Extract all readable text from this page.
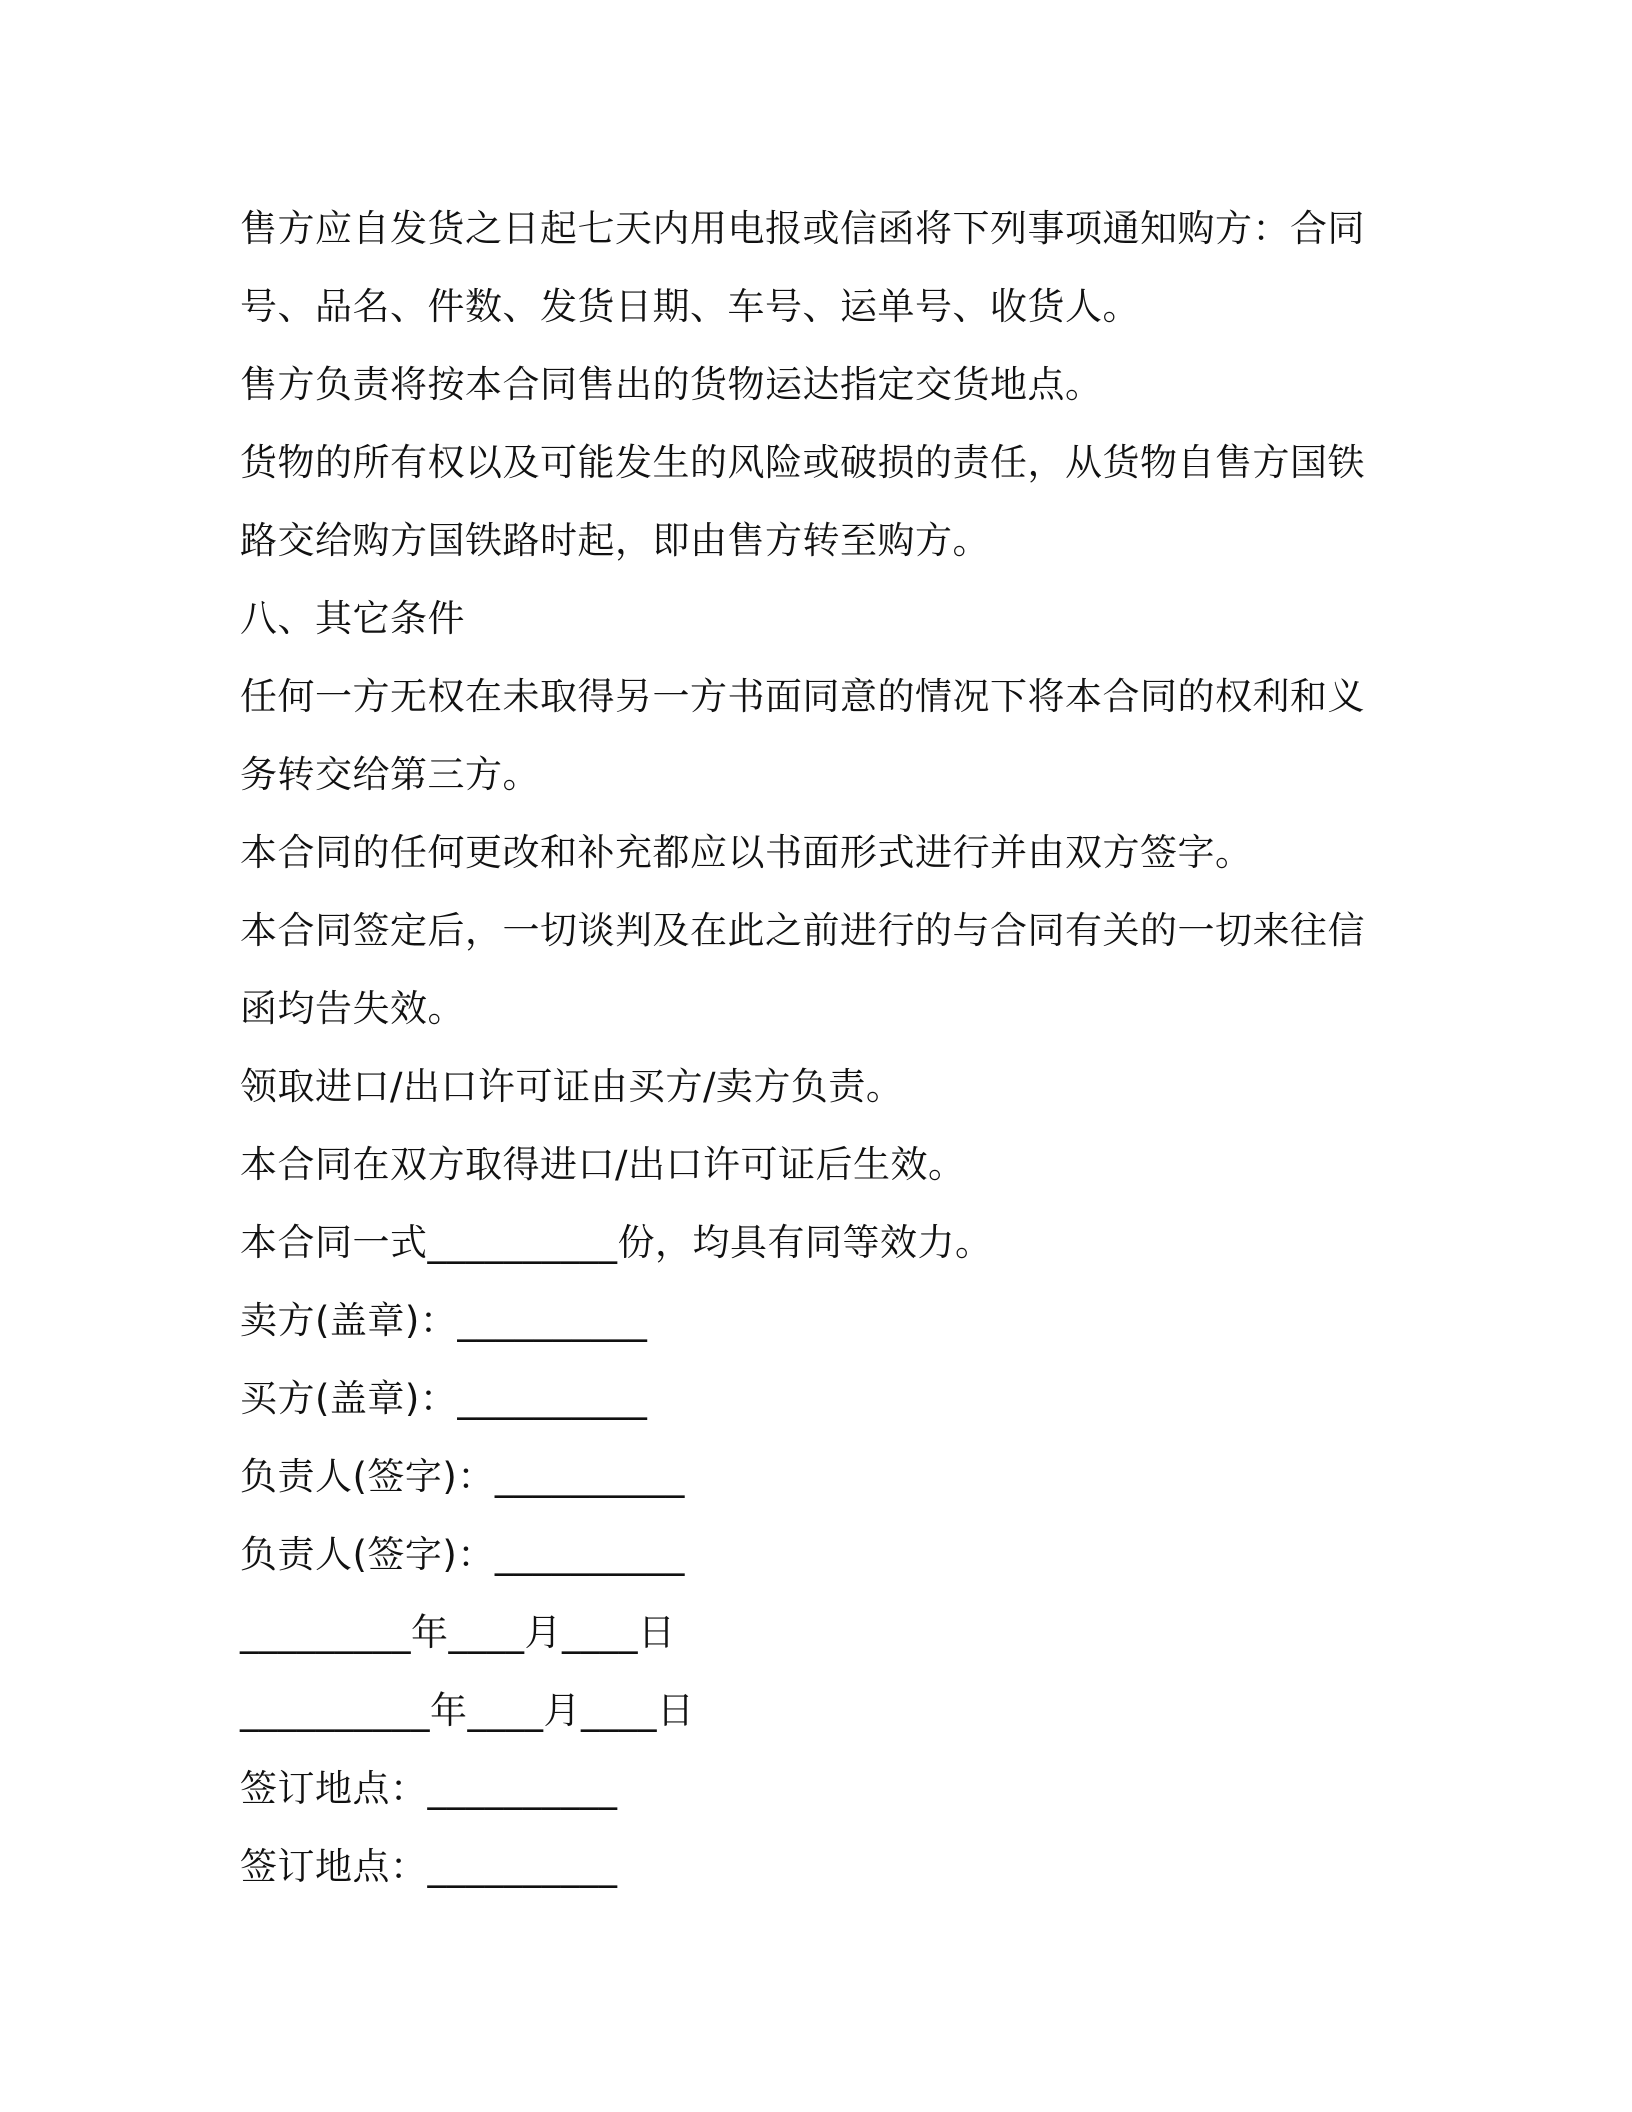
售方应自发货之日起七天内用电报或信函将下列事项通知购方：合同
号、品名、件数、发货日期、车号、运单号、收货人。
售方负责将按本合同售出的货物运达指定交货地点。
货物的所有权以及可能发生的风险或破损的责任，从货物自售方国铁
路交给购方国铁路时起，即由售方转至购方。
八、其它条件
任何一方无权在未取得另一方书面同意的情况下将本合同的权利和义
务转交给第三方。
本合同的任何更改和补充都应以书面形式进行并由双方签字。
本合同签定后，一切谈判及在此之前进行的与合同有关的一切来往信
函均告失效。
领取进口/出口许可证由买方/卖方负责。
本合同在双方取得进口/出口许可证后生效。
本合同一式__________份，均具有同等效力。
卖方(盖章)：__________
买方(盖章)：__________
负责人(签字)：__________
负责人(签字)：__________
_________年____月____日
__________年____月____日
签订地点：__________
签订地点：__________
